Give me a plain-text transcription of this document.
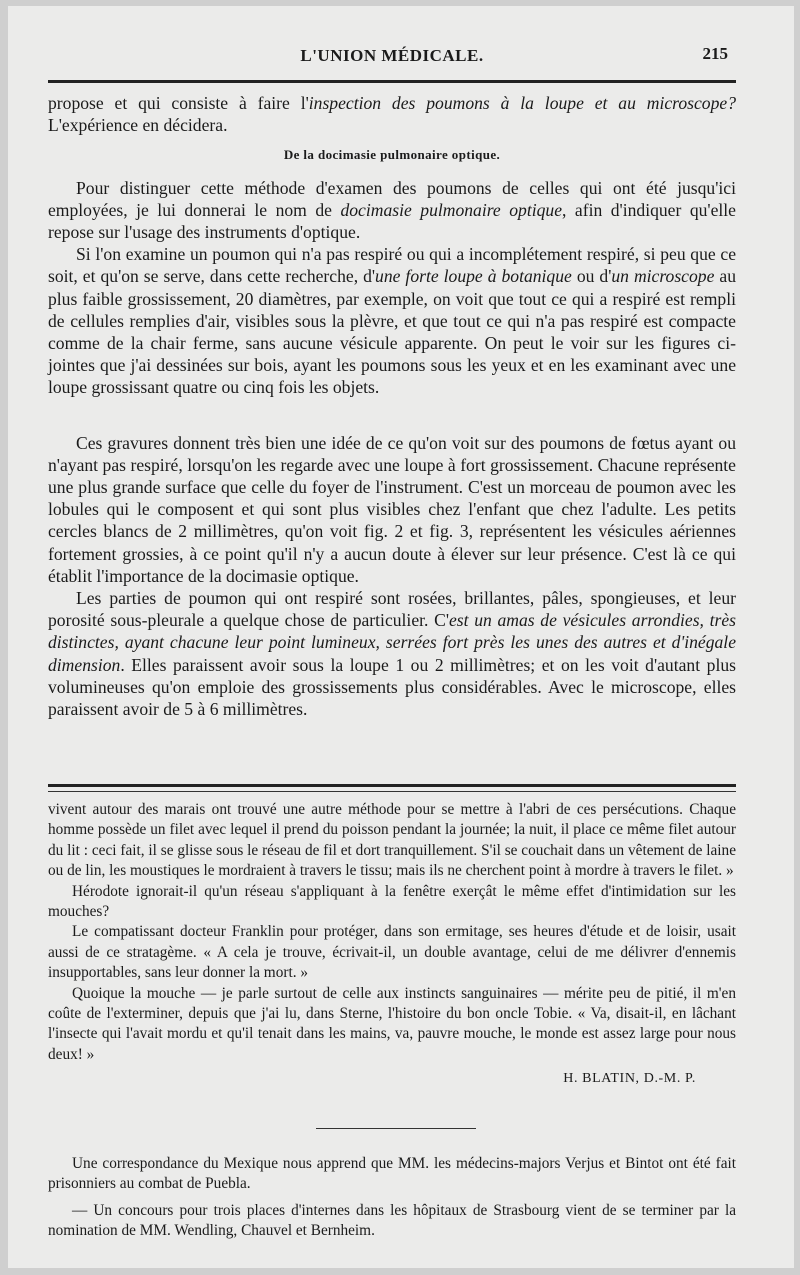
L'UNION MÉDICALE.	215

propose et qui consiste à faire l'inspection des poumons à la loupe et au microscope? L'expérience en décidera.

De la docimasie pulmonaire optique.

Pour distinguer cette méthode d'examen des poumons de celles qui ont été jusqu'ici employées, je lui donnerai le nom de docimasie pulmonaire optique, afin d'indiquer qu'elle repose sur l'usage des instruments d'optique.

Si l'on examine un poumon qui n'a pas respiré ou qui a incomplétement respiré, si peu que ce soit, et qu'on se serve, dans cette recherche, d'une forte loupe à botanique ou d'un microscope au plus faible grossissement, 20 diamètres, par exemple, on voit que tout ce qui a respiré est rempli de cellules remplies d'air, visibles sous la plèvre, et que tout ce qui n'a pas respiré est compacte comme de la chair ferme, sans aucune vésicule apparente. On peut le voir sur les figures ci-jointes que j'ai dessinées sur bois, ayant les poumons sous les yeux et en les examinant avec une loupe grossissant quatre ou cinq fois les objets.

Ces gravures donnent très bien une idée de ce qu'on voit sur des poumons de fœtus ayant ou n'ayant pas respiré, lorsqu'on les regarde avec une loupe à fort grossissement. Chacune représente une plus grande surface que celle du foyer de l'instrument. C'est un morceau de poumon avec les lobules qui le composent et qui sont plus visibles chez l'enfant que chez l'adulte. Les petits cercles blancs de 2 millimètres, qu'on voit fig. 2 et fig. 3, représentent les vésicules aériennes fortement grossies, à ce point qu'il n'y a aucun doute à élever sur leur présence. C'est là ce qui établit l'importance de la docimasie optique.

Les parties de poumon qui ont respiré sont rosées, brillantes, pâles, spongieuses, et leur porosité sous-pleurale a quelque chose de particulier. C'est un amas de vésicules arrondies, très distinctes, ayant chacune leur point lumineux, serrées fort près les unes des autres et d'inégale dimension. Elles paraissent avoir sous la loupe 1 ou 2 millimètres; et on les voit d'autant plus volumineuses qu'on emploie des grossissements plus considérables. Avec le microscope, elles paraissent avoir de 5 à 6 millimètres.

vivent autour des marais ont trouvé une autre méthode pour se mettre à l'abri de ces persécutions. Chaque homme possède un filet avec lequel il prend du poisson pendant la journée; la nuit, il place ce même filet autour du lit : ceci fait, il se glisse sous le réseau de fil et dort tranquillement. S'il se couchait dans un vêtement de laine ou de lin, les moustiques le mordraient à travers le tissu; mais ils ne cherchent point à mordre à travers le filet. »

Hérodote ignorait-il qu'un réseau s'appliquant à la fenêtre exerçât le même effet d'intimidation sur les mouches?

Le compatissant docteur Franklin pour protéger, dans son ermitage, ses heures d'étude et de loisir, usait aussi de ce stratagème. « A cela je trouve, écrivait-il, un double avantage, celui de me délivrer d'ennemis insupportables, sans leur donner la mort. »

Quoique la mouche — je parle surtout de celle aux instincts sanguinaires — mérite peu de pitié, il m'en coûte de l'exterminer, depuis que j'ai lu, dans Sterne, l'histoire du bon oncle Tobie. « Va, disait-il, en lâchant l'insecte qui l'avait mordu et qu'il tenait dans les mains, va, pauvre mouche, le monde est assez large pour nous deux! »

H. BLATIN, D.-M. P.

Une correspondance du Mexique nous apprend que MM. les médecins-majors Verjus et Bintot ont été fait prisonniers au combat de Puebla.

— Un concours pour trois places d'internes dans les hôpitaux de Strasbourg vient de se terminer par la nomination de MM. Wendling, Chauvel et Bernheim.
